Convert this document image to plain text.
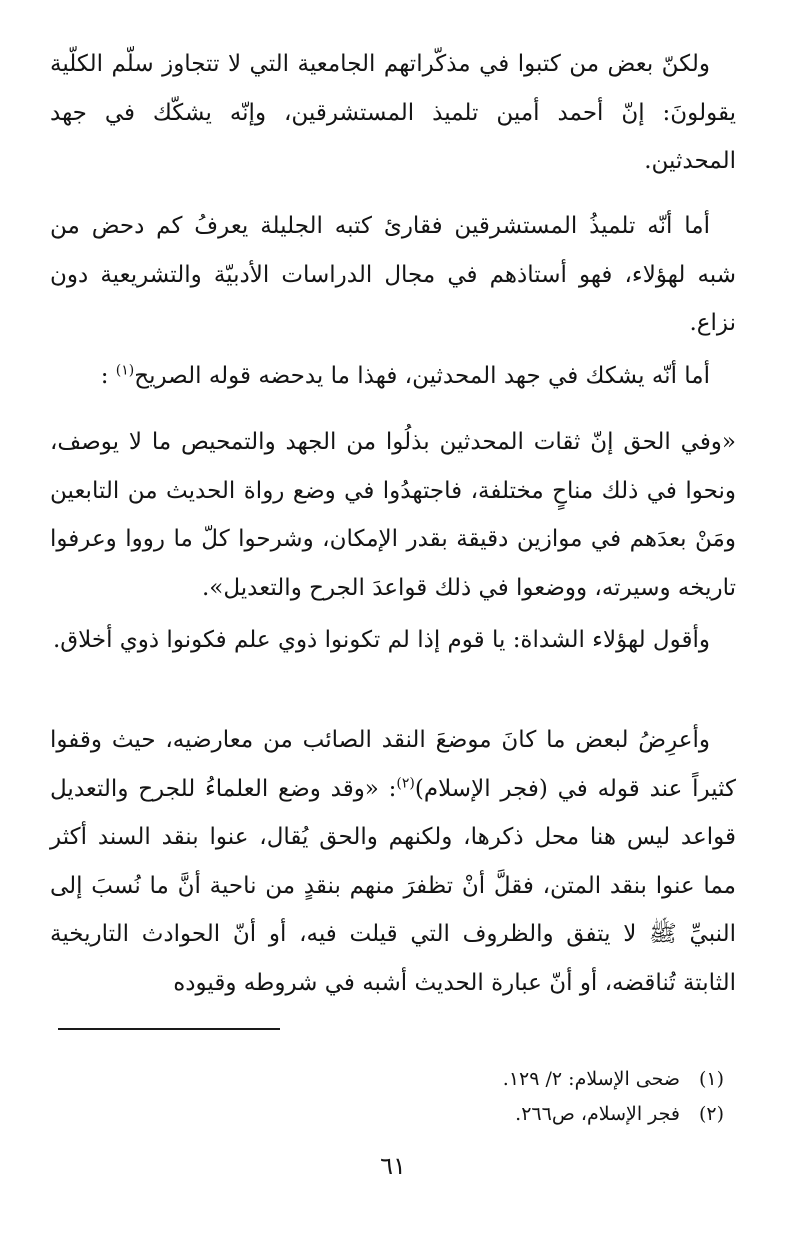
ولكنّ بعض من كتبوا في مذكّراتهم الجامعية التي لا تتجاوز سلّم الكلّية يقولونَ: إنّ أحمد أمين تلميذ المستشرقين، وإنّه يشكّك في جهد المحدثين.

أما أنّه تلميذُ المستشرقين فقارئ كتبه الجليلة يعرفُ كم دحض من شبه لهؤلاء، فهو أستاذهم في مجال الدراسات الأدبيّة والتشريعية دون نزاع.

أما أنّه يشكك في جهد المحدثين، فهذا ما يدحضه قوله الصريح$^{(١)}$ :

«وفي الحق إنّ ثقات المحدثين بذلُوا من الجهد والتمحيص ما لا يوصف، ونحوا في ذلك مناحٍ مختلفة، فاجتهدُوا في وضع رواة الحديث من التابعين ومَنْ بعدَهم في موازين دقيقة بقدر الإمكان، وشرحوا كلّ ما رووا وعرفوا تاريخه وسيرته، ووضعوا في ذلك قواعدَ الجرح والتعديل».

وأقول لهؤلاء الشداة: يا قوم إذا لم تكونوا ذوي علم فكونوا ذوي أخلاق.

وأعرِضُ لبعض ما كانَ موضعَ النقد الصائب من معارضيه، حيث وقفوا كثيراً عند قوله في (فجر الإسلام)$^{(٢)}$: «وقد وضع العلماءُ للجرح والتعديل قواعد ليس هنا محل ذكرها، ولكنهم والحق يُقال، عنوا بنقد السند أكثر مما عنوا بنقد المتن، فقلَّ أنْ تظفرَ منهم بنقدٍ من ناحية أنَّ ما نُسبَ إلى النبيِّ ﷺ لا يتفق والظروف التي قيلت فيه، أو أنّ الحوادث التاريخية الثابتة تُناقضه، أو أنّ عبارة الحديث أشبه في شروطه وقيوده

(١)ضحى الإسلام: ٢/ ١٢٩.

(٢)فجر الإسلام، ص٢٦٦.

٦١
